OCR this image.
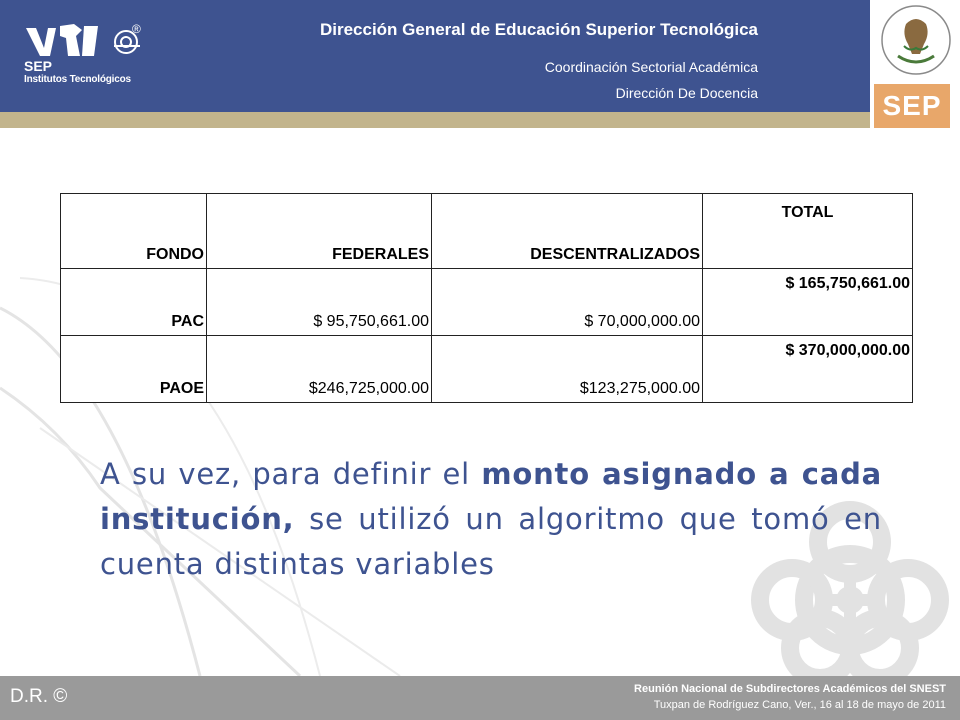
®
SEP
Institutos Tecnológicos
Dirección General de Educación Superior Tecnológica
Coordinación Sectorial Académica
Dirección De Docencia	SEP
FONDO	FEDERALES	DESCENTRALIZADOS	TOTAL
PAC	$ 95,750,661.00	$ 70,000,000.00	$ 165,750,661.00
PAOE	$246,725,000.00	$123,275,000.00	$ 370,000,000.00
A su vez, para definir el monto asignado a cada institución, se utilizó un algoritmo que tomó en cuenta distintas variables
D.R. ©	Reunión Nacional de Subdirectores Académicos del SNEST
Tuxpan de Rodríguez Cano, Ver., 16 al 18 de mayo de 2011
